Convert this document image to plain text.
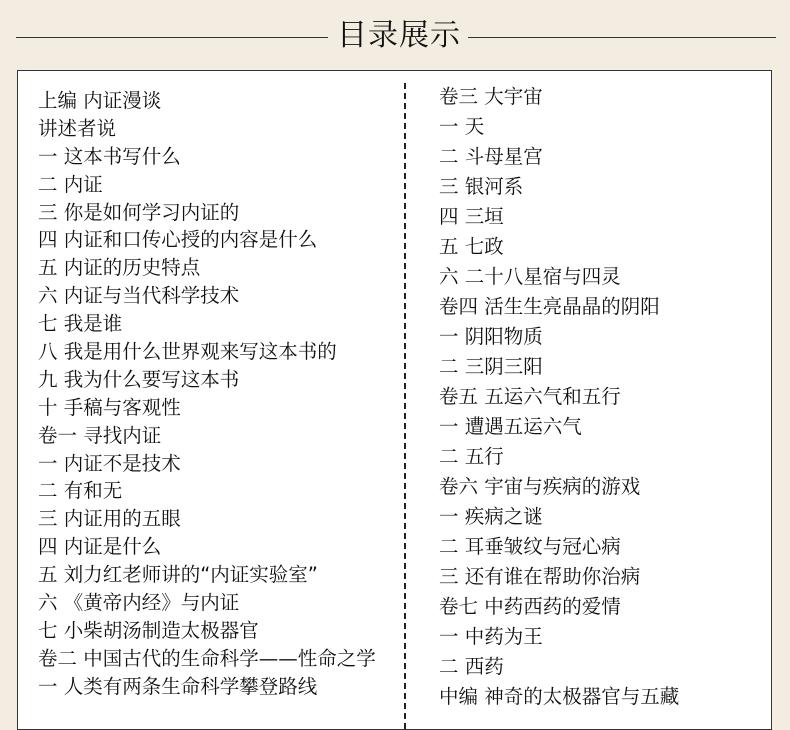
目录展示
上编 内证漫谈
讲述者说
一 这本书写什么
二 内证
三 你是如何学习内证的
四 内证和口传心授的内容是什么
五 内证的历史特点
六 内证与当代科学技术
七 我是谁
八 我是用什么世界观来写这本书的
九 我为什么要写这本书
十 手稿与客观性
卷一 寻找内证
一 内证不是技术
二 有和无
三 内证用的五眼
四 内证是什么
五 刘力红老师讲的“内证实验室”
六 《黄帝内经》与内证
七 小柴胡汤制造太极器官
卷二 中国古代的生命科学——性命之学
一 人类有两条生命科学攀登路线
卷三 大宇宙
一 天
二 斗母星宫
三 银河系
四 三垣
五 七政
六 二十八星宿与四灵
卷四 活生生亮晶晶的阴阳
一 阴阳物质
二 三阴三阳
卷五 五运六气和五行
一 遭遇五运六气
二 五行
卷六 宇宙与疾病的游戏
一 疾病之谜
二 耳垂皱纹与冠心病
三 还有谁在帮助你治病
卷七 中药西药的爱情
一 中药为王
二 西药
中编 神奇的太极器官与五藏
